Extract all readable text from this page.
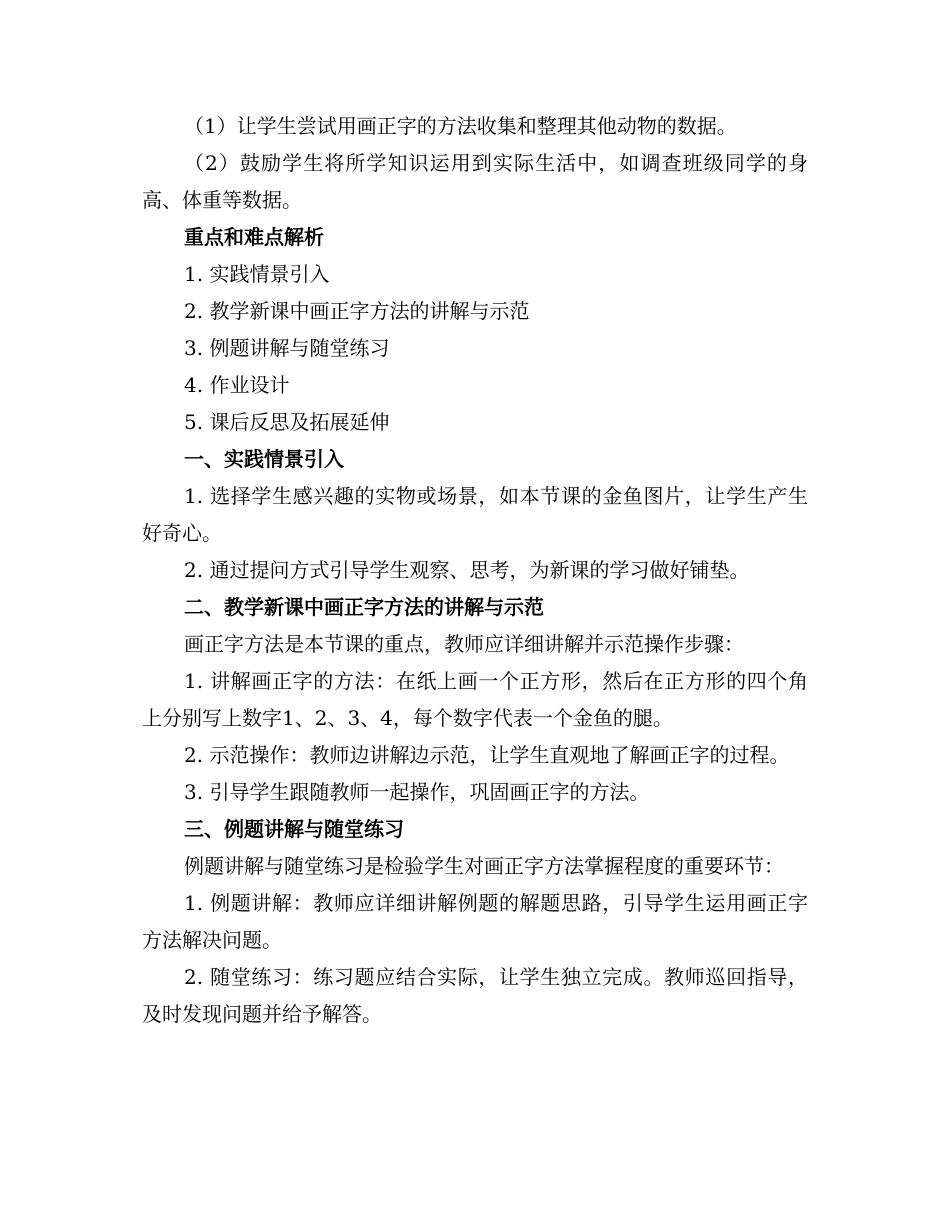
（1）让学生尝试用画正字的方法收集和整理其他动物的数据。

（2）鼓励学生将所学知识运用到实际生活中，如调查班级同学的身高、体重等数据。

重点和难点解析

1. 实践情景引入

2. 教学新课中画正字方法的讲解与示范

3. 例题讲解与随堂练习

4. 作业设计

5. 课后反思及拓展延伸

一、实践情景引入

1. 选择学生感兴趣的实物或场景，如本节课的金鱼图片，让学生产生好奇心。

2. 通过提问方式引导学生观察、思考，为新课的学习做好铺垫。

二、教学新课中画正字方法的讲解与示范

画正字方法是本节课的重点，教师应详细讲解并示范操作步骤：

1. 讲解画正字的方法：在纸上画一个正方形，然后在正方形的四个角上分别写上数字1、2、3、4，每个数字代表一个金鱼的腿。

2. 示范操作：教师边讲解边示范，让学生直观地了解画正字的过程。

3. 引导学生跟随教师一起操作，巩固画正字的方法。

三、例题讲解与随堂练习

例题讲解与随堂练习是检验学生对画正字方法掌握程度的重要环节：

1. 例题讲解：教师应详细讲解例题的解题思路，引导学生运用画正字方法解决问题。

2. 随堂练习：练习题应结合实际，让学生独立完成。教师巡回指导，及时发现问题并给予解答。
